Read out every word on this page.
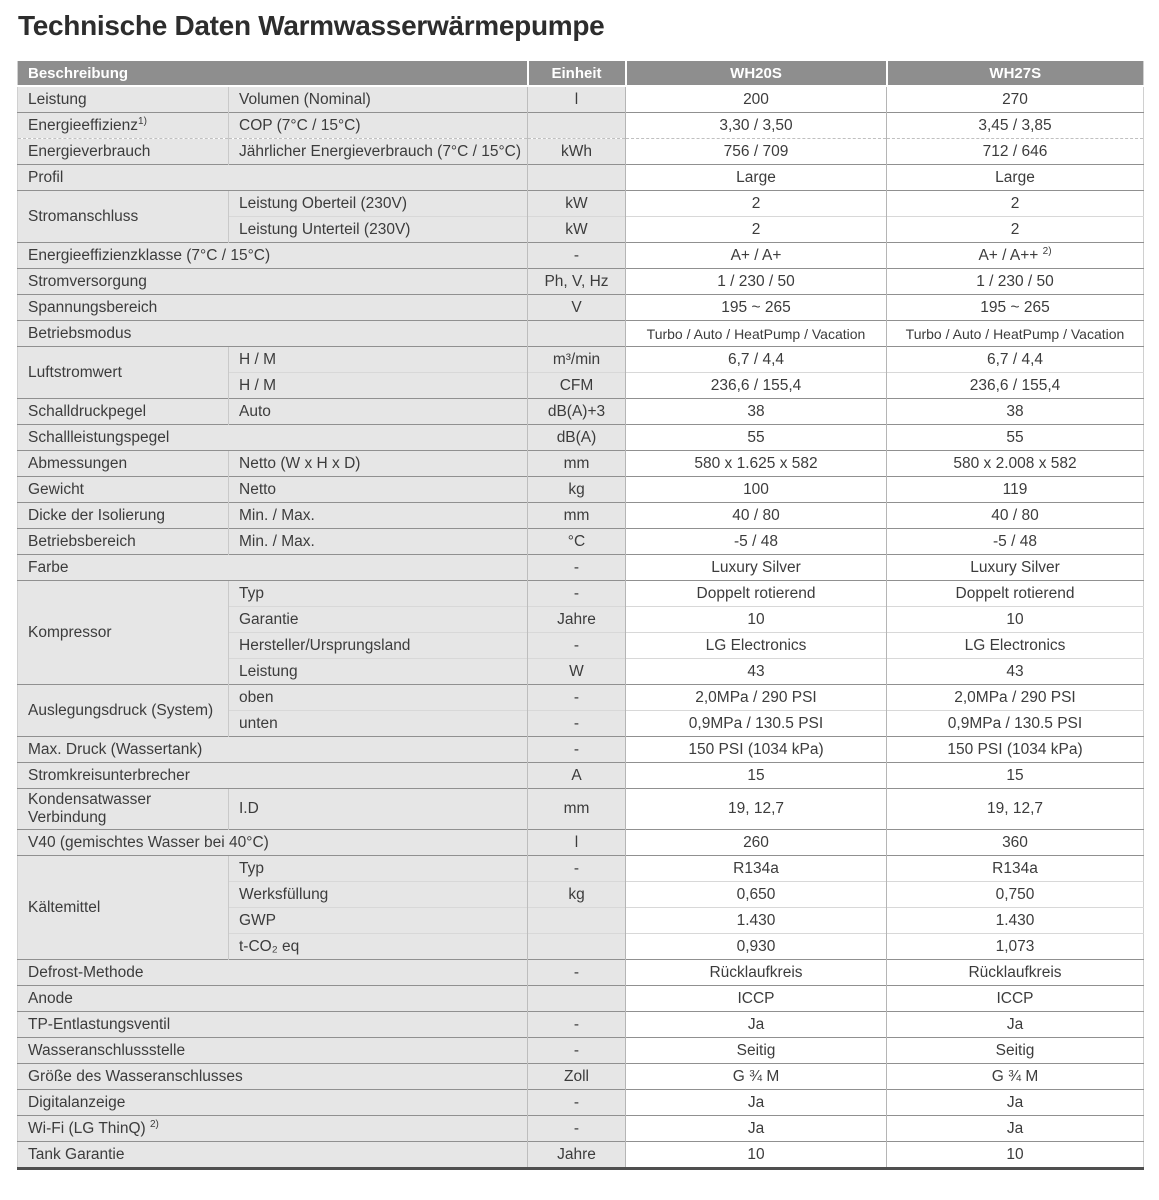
Technische Daten Warmwasserwärmepumpe
Beschreibung		Einheit	WH20S	WH27S
Leistung	Volumen (Nominal)	l	200	270
Energieeffizienz$^{1)}$	COP (7°C / 15°C)		3,30 / 3,50	3,45 / 3,85
Energieverbrauch	Jährlicher Energieverbrauch (7°C / 15°C)	kWh	756 / 709	712 / 646
Profil			Large	Large
Stromanschluss	Leistung Oberteil (230V)	kW	2	2
	Leistung Unterteil (230V)	kW	2	2
Energieeffizienzklasse (7°C / 15°C)		-	A+ / A+	A+ / A++ $^{2)}$
Stromversorgung		Ph, V, Hz	1 / 230 / 50	1 / 230 / 50
Spannungsbereich		V	195 ~ 265	195 ~ 265
Betriebsmodus			Turbo / Auto / HeatPump / Vacation	Turbo / Auto / HeatPump / Vacation
Luftstromwert	H / M	m³/min	6,7 / 4,4	6,7 / 4,4
	H / M	CFM	236,6 / 155,4	236,6 / 155,4
Schalldruckpegel	Auto	dB(A)+3	38	38
Schallleistungspegel		dB(A)	55	55
Abmessungen	Netto (W x H x D)	mm	580 x 1.625 x 582	580 x 2.008 x 582
Gewicht	Netto	kg	100	119
Dicke der Isolierung	Min. / Max.	mm	40 / 80	40 / 80
Betriebsbereich	Min. / Max.	°C	-5 / 48	-5 / 48
Farbe		-	Luxury Silver	Luxury Silver
Kompressor	Typ	-	Doppelt rotierend	Doppelt rotierend
	Garantie	Jahre	10	10
	Hersteller/Ursprungsland	-	LG Electronics	LG Electronics
	Leistung	W	43	43
Auslegungsdruck (System)	oben	-	2,0MPa / 290 PSI	2,0MPa / 290 PSI
	unten	-	0,9MPa / 130.5 PSI	0,9MPa / 130.5 PSI
Max. Druck (Wassertank)		-	150 PSI (1034 kPa)	150 PSI (1034 kPa)
Stromkreisunterbrecher		A	15	15
Kondensatwasser Verbindung	I.D	mm	19, 12,7	19, 12,7
V40 (gemischtes Wasser bei 40°C)		l	260	360
Kältemittel	Typ	-	R134a	R134a
	Werksfüllung	kg	0,650	0,750
	GWP		1.430	1.430
	t-CO₂ eq		0,930	1,073
Defrost-Methode		-	Rücklaufkreis	Rücklaufkreis
Anode			ICCP	ICCP
TP-Entlastungsventil		-	Ja	Ja
Wasseranschlussstelle		-	Seitig	Seitig
Größe des Wasseranschlusses		Zoll	G ¾ M	G ¾ M
Digitalanzeige		-	Ja	Ja
Wi-Fi (LG ThinQ) $^{2)}$		-	Ja	Ja
Tank Garantie		Jahre	10	10
